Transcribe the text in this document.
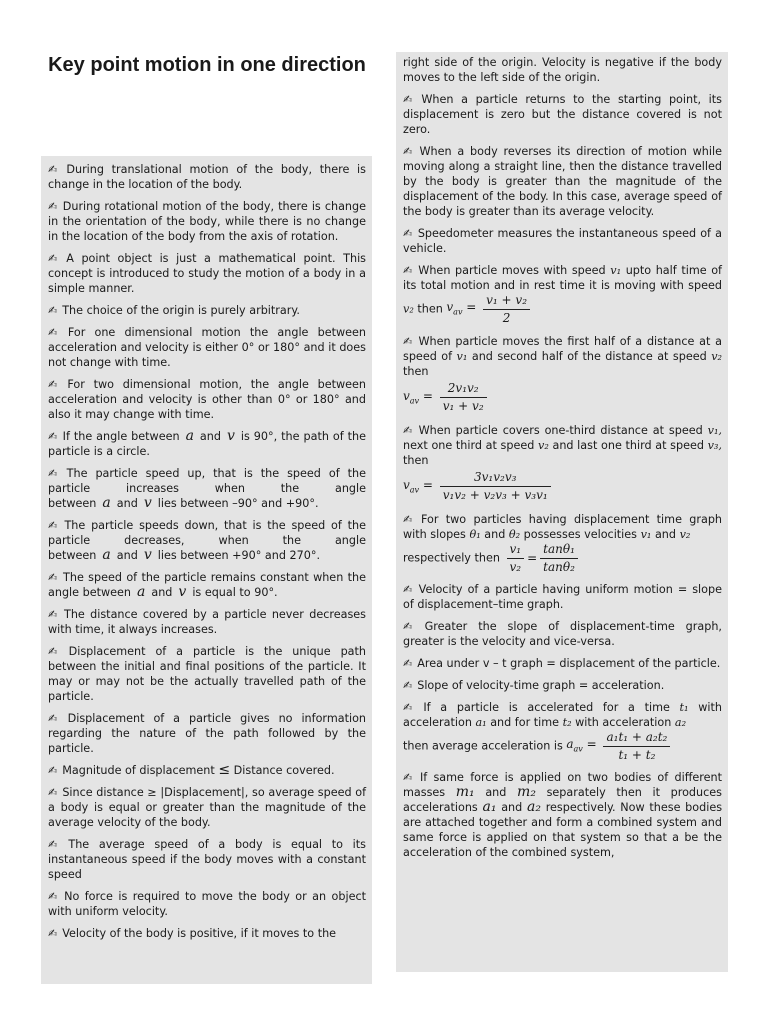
Key point motion in one direction

✍ During translational motion of the body, there is change in the location of the body.

✍ During rotational motion of the body, there is change in the orientation of the body, while there is no change in the location of the body from the axis of rotation.

✍ A point object is just a mathematical point. This concept is introduced to study the motion of a body in a simple manner.

✍ The choice of the origin is purely arbitrary.

✍ For one dimensional motion the angle between acceleration and velocity is either 0° or 180° and it does not change with time.

✍ For two dimensional motion, the angle between acceleration and velocity is other than 0° or 180° and also it may change with time.

✍ If the angle between a and v is 90°, the path of the particle is a circle.

✍ The particle speed up, that is the speed of the particle increases when the angle between a and v lies between –90° and +90°.

✍ The particle speeds down, that is the speed of the particle decreases, when the angle between a and v lies between +90° and 270°.

✍ The speed of the particle remains constant when the angle between a and v is equal to 90°.

✍ The distance covered by a particle never decreases with time, it always increases.

✍ Displacement of a particle is the unique path between the initial and final positions of the particle. It may or may not be the actually travelled path of the particle.

✍ Displacement of a particle gives no information regarding the nature of the path followed by the particle.

✍ Magnitude of displacement ≤ Distance covered.

✍ Since distance ≥ |Displacement|, so average speed of a body is equal or greater than the magnitude of the average velocity of the body.

✍ The average speed of a body is equal to its instantaneous speed if the body moves with a constant speed

✍ No force is required to move the body or an object with uniform velocity.

✍ Velocity of the body is positive, if it moves to the

right side of the origin. Velocity is negative if the body moves to the left side of the origin.

✍ When a particle returns to the starting point, its displacement is zero but the distance covered is not zero.

✍ When a body reverses its direction of motion while moving along a straight line, then the distance travelled by the body is greater than the magnitude of the displacement of the body. In this case, average speed of the body is greater than its average velocity.

✍ Speedometer measures the instantaneous speed of a vehicle.

✍ When particle moves with speed v₁ upto half time of its total motion and in rest time it is moving with speed v₂ then $v_{av} = \frac{\text{v₁ + v₂}}{2}$

✍ When particle moves the first half of a distance at a speed of v₁ and second half of the distance at speed v₂ then

$v_{av} = \frac{\text{2v₁v₂}}{\text{v₁ + v₂}}$

✍ When particle covers one-third distance at speed v₁, next one third at speed v₂ and last one third at speed v₃, then

$v_{av} = \frac{\text{3v₁v₂v₃}}{\text{v₁v₂ + v₂v₃ + v₃v₁}}$

✍ For two particles having displacement time graph with slopes θ₁ and θ₂ possesses velocities v₁ and v₂
respectively then $\frac{\text{v₁}}{\text{v₂}} = \frac{\text{tanθ₁}}{\text{tanθ₂}}$

✍ Velocity of a particle having uniform motion = slope of displacement–time graph.

✍ Greater the slope of displacement-time graph, greater is the velocity and vice-versa.

✍ Area under v – t graph = displacement of the particle.

✍ Slope of velocity-time graph = acceleration.

✍ If a particle is accelerated for a time t₁ with acceleration a₁ and for time t₂ with acceleration a₂
then average acceleration is $a_{av} = \frac{\text{a₁t₁ + a₂t₂}}{\text{t₁ + t₂}}$

✍ If same force is applied on two bodies of different masses m₁ and m₂ separately then it produces accelerations a₁ and a₂ respectively. Now these bodies are attached together and form a combined system and same force is applied on that system so that a be the acceleration of the combined system,
